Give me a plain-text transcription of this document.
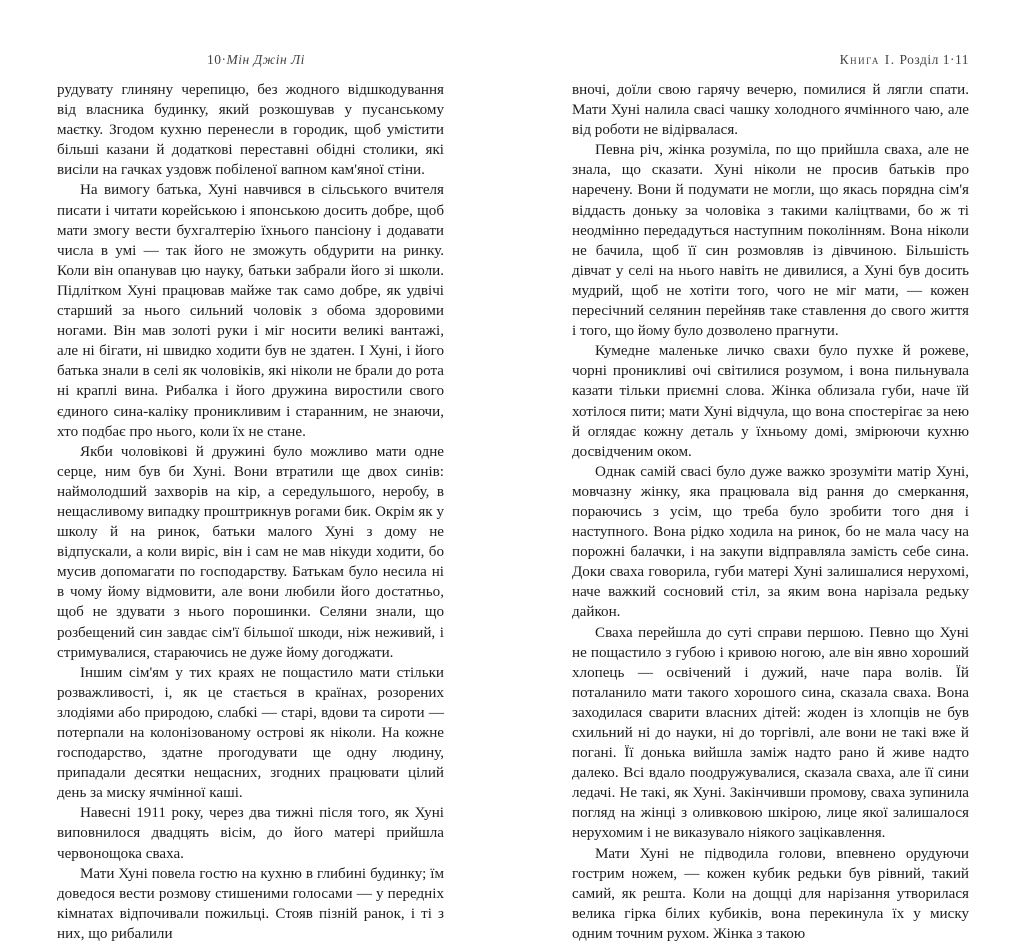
10·Мін Джін Лі

рудувату глиняну черепицю, без жодного відшкодування від власника будинку, який розкошував у пусанському маєтку. Згодом кухню перенесли в городик, щоб умістити більші казани й додаткові переставні обідні столики, які висіли на гачках уздовж побіленої вапном кам'яної стіни.

На вимогу батька, Хуні навчився в сільського вчителя писати і читати корейською і японською досить добре, щоб мати змогу вести бухгалтерію їхнього пансіону і додавати числа в умі — так його не зможуть обдурити на ринку. Коли він опанував цю науку, батьки забрали його зі школи. Підлітком Хуні працював майже так само добре, як удвічі старший за нього сильний чоловік з обома здоровими ногами. Він мав золоті руки і міг носити великі вантажі, але ні бігати, ні швидко ходити був не здатен. І Хуні, і його батька знали в селі як чоловіків, які ніколи не брали до рота ні краплі вина. Рибалка і його дружина виростили свого єдиного сина-каліку проникливим і старанним, не знаючи, хто подбає про нього, коли їх не стане.

Якби чоловікові й дружині було можливо мати одне серце, ним був би Хуні. Вони втратили ще двох синів: наймолодший захворів на кір, а середульшого, неробу, в нещасливому випадку проштрикнув рогами бик. Окрім як у школу й на ринок, батьки малого Хуні з дому не відпускали, а коли виріс, він і сам не мав нікуди ходити, бо мусив допомагати по господарству. Батькам було несила ні в чому йому відмовити, але вони любили його достатньо, щоб не здувати з нього порошинки. Селяни знали, що розбещений син завдає сім'ї більшої шкоди, ніж неживий, і стримувалися, стараючись не дуже йому догоджати.

Іншим сім'ям у тих краях не пощастило мати стільки розважливості, і, як це стається в країнах, розорених злодіями або природою, слабкі — старі, вдови та сироти — потерпали на колонізованому острові як ніколи. На кожне господарство, здатне прогодувати ще одну людину, припадали десятки нещасних, згодних працювати цілий день за миску ячмінної каші.

Навесні 1911 року, через два тижні після того, як Хуні виповнилося двадцять вісім, до його матері прийшла червонощока сваха.

Мати Хуні повела гостю на кухню в глибині будинку; їм доведося вести розмову стишеними голосами — у передніх кімнатах відпочивали пожильці. Стояв пізній ранок, і ті з них, що рибалили

Книга I. Розділ 1·11

вночі, доїли свою гарячу вечерю, помилися й лягли спати. Мати Хуні налила свасі чашку холодного ячмінного чаю, але від роботи не відірвалася.

Певна річ, жінка розуміла, по що прийшла сваха, але не знала, що сказати. Хуні ніколи не просив батьків про наречену. Вони й подумати не могли, що якась порядна сім'я віддасть доньку за чоловіка з такими каліцтвами, бо ж ті неодмінно передадуться наступним поколінням. Вона ніколи не бачила, щоб її син розмовляв із дівчиною. Більшість дівчат у селі на нього навіть не дивилися, а Хуні був досить мудрий, щоб не хотіти того, чого не міг мати, — кожен пересічний селянин перейняв таке ставлення до свого життя і того, що йому було дозволено прагнути.

Кумедне маленьке личко свахи було пухке й рожеве, чорні проникливі очі світилися розумом, і вона пильнувала казати тільки приємні слова. Жінка облизала губи, наче їй хотілося пити; мати Хуні відчула, що вона спостерігає за нею й оглядає кожну деталь у їхньому домі, змірюючи кухню досвідченим оком.

Однак самій свасі було дуже важко зрозуміти матір Хуні, мовчазну жінку, яка працювала від рання до смеркання, пораючись з усім, що треба було зробити того дня і наступного. Вона рідко ходила на ринок, бо не мала часу на порожні балачки, і на закупи відправляла замість себе сина. Доки сваха говорила, губи матері Хуні залишалися нерухомі, наче важкий сосновий стіл, за яким вона нарізала редьку дайкон.

Сваха перейшла до суті справи першою. Певно що Хуні не пощастило з губою і кривою ногою, але він явно хороший хлопець — освічений і дужий, наче пара волів. Їй поталанило мати такого хорошого сина, сказала сваха. Вона заходилася сварити власних дітей: жоден із хлопців не був схильний ні до науки, ні до торгівлі, але вони не такі вже й погані. Її донька вийшла заміж надто рано й живе надто далеко. Всі вдало поодружувалися, сказала сваха, але її сини ледачі. Не такі, як Хуні. Закінчивши промову, сваха зупинила погляд на жінці з оливковою шкірою, лице якої залишалося нерухомим і не виказувало ніякого зацікавлення.

Мати Хуні не підводила голови, впевнено орудуючи гострим ножем, — кожен кубик редьки був рівний, такий самий, як решта. Коли на дощці для нарізання утворилася велика гірка білих кубиків, вона перекинула їх у миску одним точним рухом. Жінка з такою
